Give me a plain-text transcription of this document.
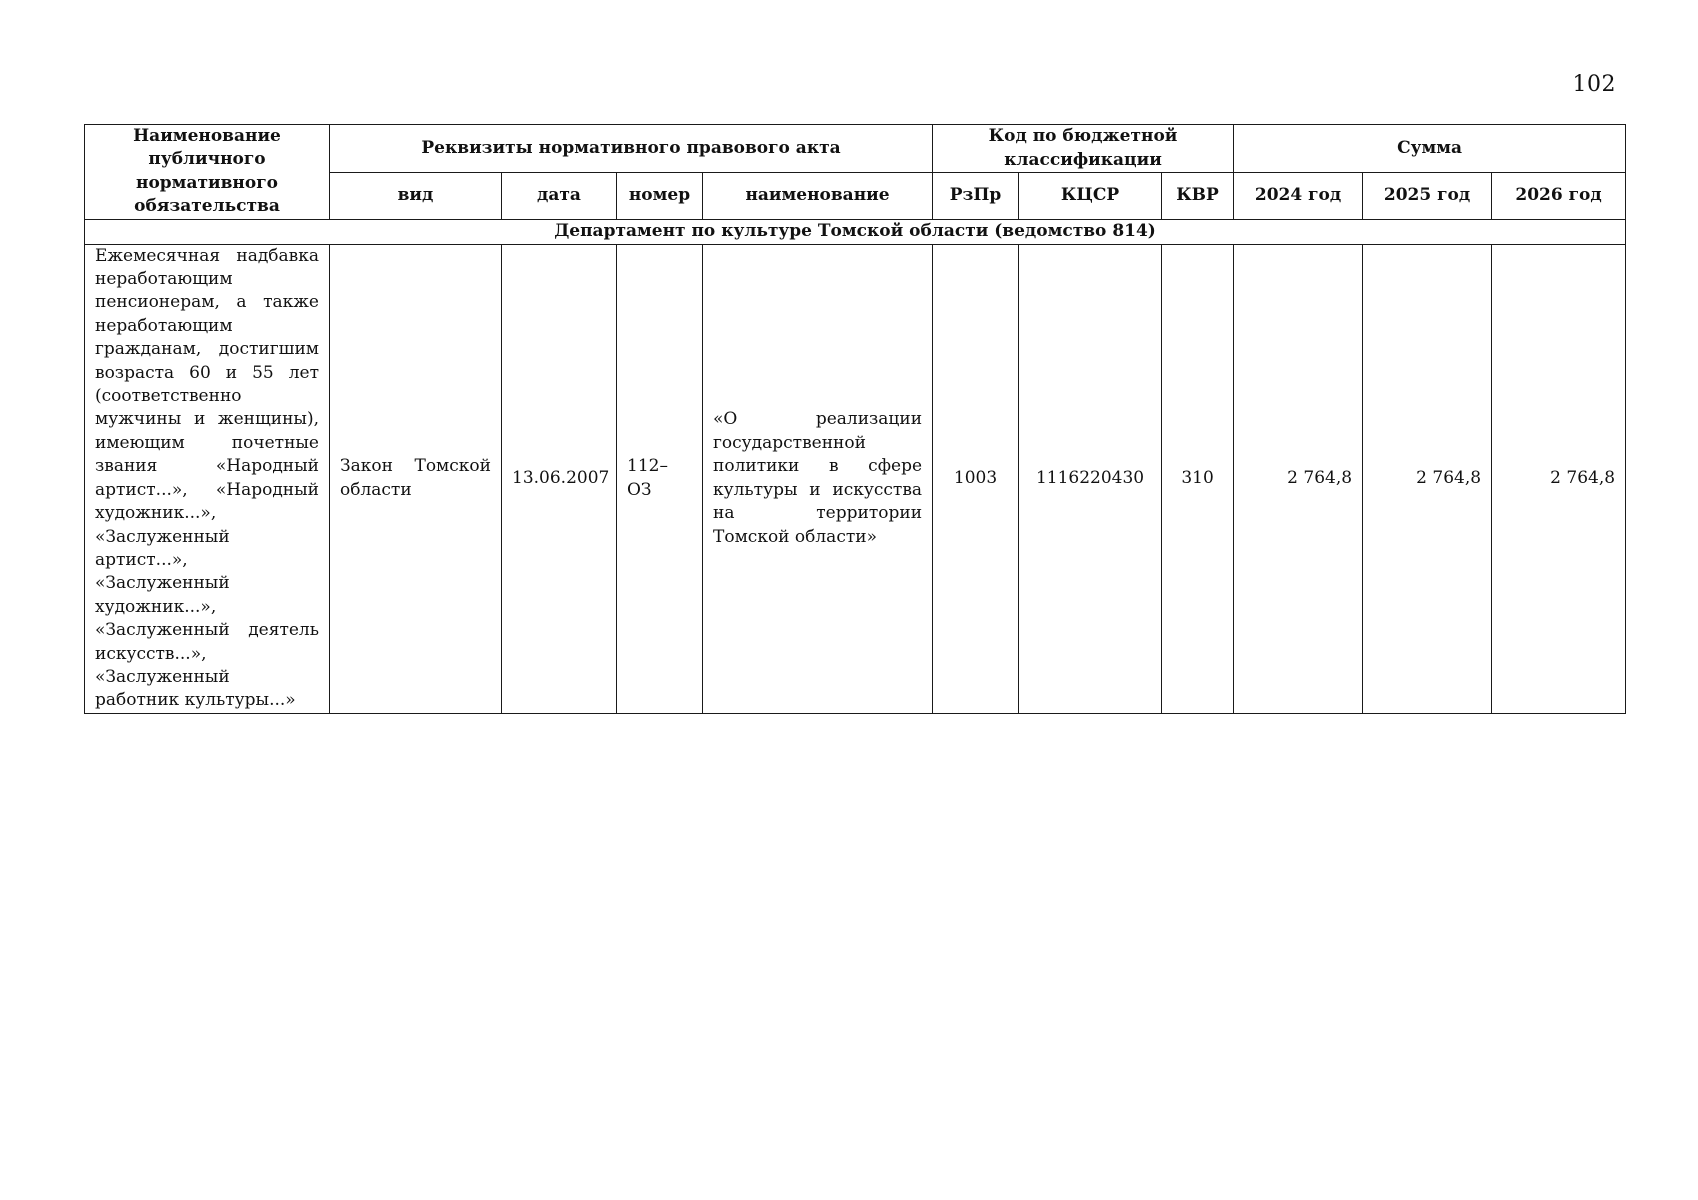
102
Наименование публичного нормативного обязательства	Реквизиты нормативного правового акта				Код по бюджетной классификации			Сумма		
	вид	дата	номер	наименование	РзПр	КЦСР	КВР	2024 год	2025 год	2026 год
Департамент по культуре Томской области (ведомство 814)										
Ежемесячная надбавка неработающим пенсионерам, а также неработающим гражданам, достигшим возраста 60 и 55 лет (соответственно мужчины и женщины), имеющим почетные звания «Народный артист...», «Народный художник...», «Заслуженный артист...», «Заслуженный художник...», «Заслуженный деятель искусств...», «Заслуженный работник культуры...»	Закон Томской области	13.06.2007	112–ОЗ	«О реализации государственной политики в сфере культуры и искусства на территории Томской области»	1003	1116220430	310	2 764,8	2 764,8	2 764,8
